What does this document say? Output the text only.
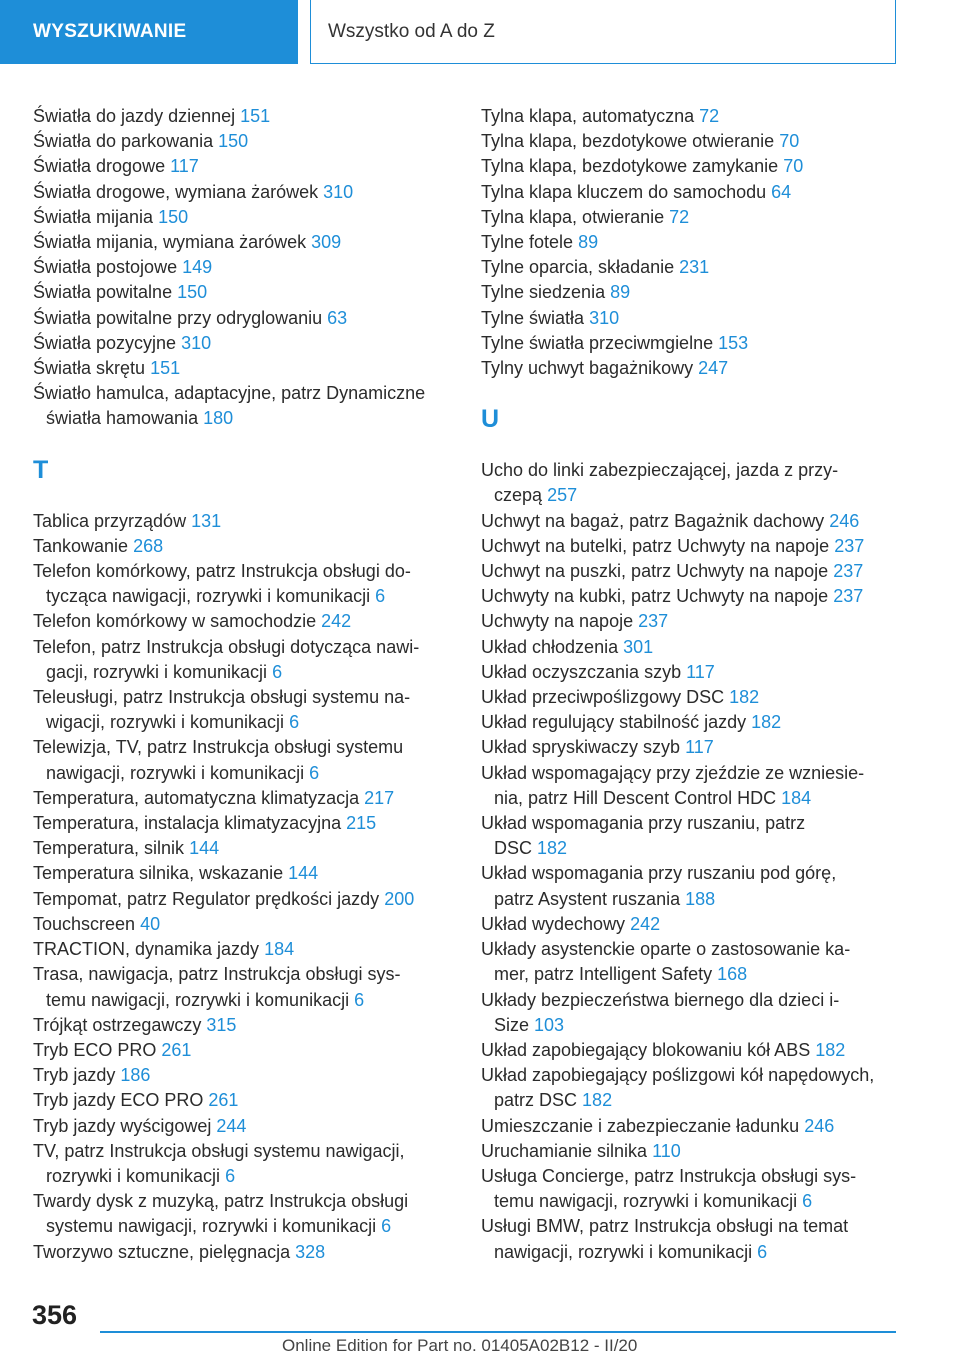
WYSZUKIWANIE	Wszystko od A do Z
Światła do jazdy dziennej 151
Światła do parkowania 150
Światła drogowe 117
Światła drogowe, wymiana żarówek 310
Światła mijania 150
Światła mijania, wymiana żarówek 309
Światła postojowe 149
Światła powitalne 150
Światła powitalne przy odryglowaniu 63
Światła pozycyjne 310
Światła skrętu 151
Światło hamulca, adaptacyjne, patrz Dynamiczne
światła hamowania 180
T
Tablica przyrządów 131
Tankowanie 268
Telefon komórkowy, patrz Instrukcja obsługi do-
tycząca nawigacji, rozrywki i komunikacji 6
Telefon komórkowy w samochodzie 242
Telefon, patrz Instrukcja obsługi dotycząca nawi-
gacji, rozrywki i komunikacji 6
Teleusługi, patrz Instrukcja obsługi systemu na-
wigacji, rozrywki i komunikacji 6
Telewizja, TV, patrz Instrukcja obsługi systemu
nawigacji, rozrywki i komunikacji 6
Temperatura, automatyczna klimatyzacja 217
Temperatura, instalacja klimatyzacyjna 215
Temperatura, silnik 144
Temperatura silnika, wskazanie 144
Tempomat, patrz Regulator prędkości jazdy 200
Touchscreen 40
TRACTION, dynamika jazdy 184
Trasa, nawigacja, patrz Instrukcja obsługi sys-
temu nawigacji, rozrywki i komunikacji 6
Trójkąt ostrzegawczy 315
Tryb ECO PRO 261
Tryb jazdy 186
Tryb jazdy ECO PRO 261
Tryb jazdy wyścigowej 244
TV, patrz Instrukcja obsługi systemu nawigacji,
rozrywki i komunikacji 6
Twardy dysk z muzyką, patrz Instrukcja obsługi
systemu nawigacji, rozrywki i komunikacji 6
Tworzywo sztuczne, pielęgnacja 328
Tylna klapa, automatyczna 72
Tylna klapa, bezdotykowe otwieranie 70
Tylna klapa, bezdotykowe zamykanie 70
Tylna klapa kluczem do samochodu 64
Tylna klapa, otwieranie 72
Tylne fotele 89
Tylne oparcia, składanie 231
Tylne siedzenia 89
Tylne światła 310
Tylne światła przeciwmgielne 153
Tylny uchwyt bagażnikowy 247
U
Ucho do linki zabezpieczającej, jazda z przy-
czepą 257
Uchwyt na bagaż, patrz Bagażnik dachowy 246
Uchwyt na butelki, patrz Uchwyty na napoje 237
Uchwyt na puszki, patrz Uchwyty na napoje 237
Uchwyty na kubki, patrz Uchwyty na napoje 237
Uchwyty na napoje 237
Układ chłodzenia 301
Układ oczyszczania szyb 117
Układ przeciwpoślizgowy DSC 182
Układ regulujący stabilność jazdy 182
Układ spryskiwaczy szyb 117
Układ wspomagający przy zjeździe ze wzniesie-
nia, patrz Hill Descent Control HDC 184
Układ wspomagania przy ruszaniu, patrz
DSC 182
Układ wspomagania przy ruszaniu pod górę,
patrz Asystent ruszania 188
Układ wydechowy 242
Układy asystenckie oparte o zastosowanie ka-
mer, patrz Intelligent Safety 168
Układy bezpieczeństwa biernego dla dzieci i-
Size 103
Układ zapobiegający blokowaniu kół ABS 182
Układ zapobiegający poślizgowi kół napędowych,
patrz DSC 182
Umieszczanie i zabezpieczanie ładunku 246
Uruchamianie silnika 110
Usługa Concierge, patrz Instrukcja obsługi sys-
temu nawigacji, rozrywki i komunikacji 6
Usługi BMW, patrz Instrukcja obsługi na temat
nawigacji, rozrywki i komunikacji 6
356
Online Edition for Part no. 01405A02B12 - II/20
